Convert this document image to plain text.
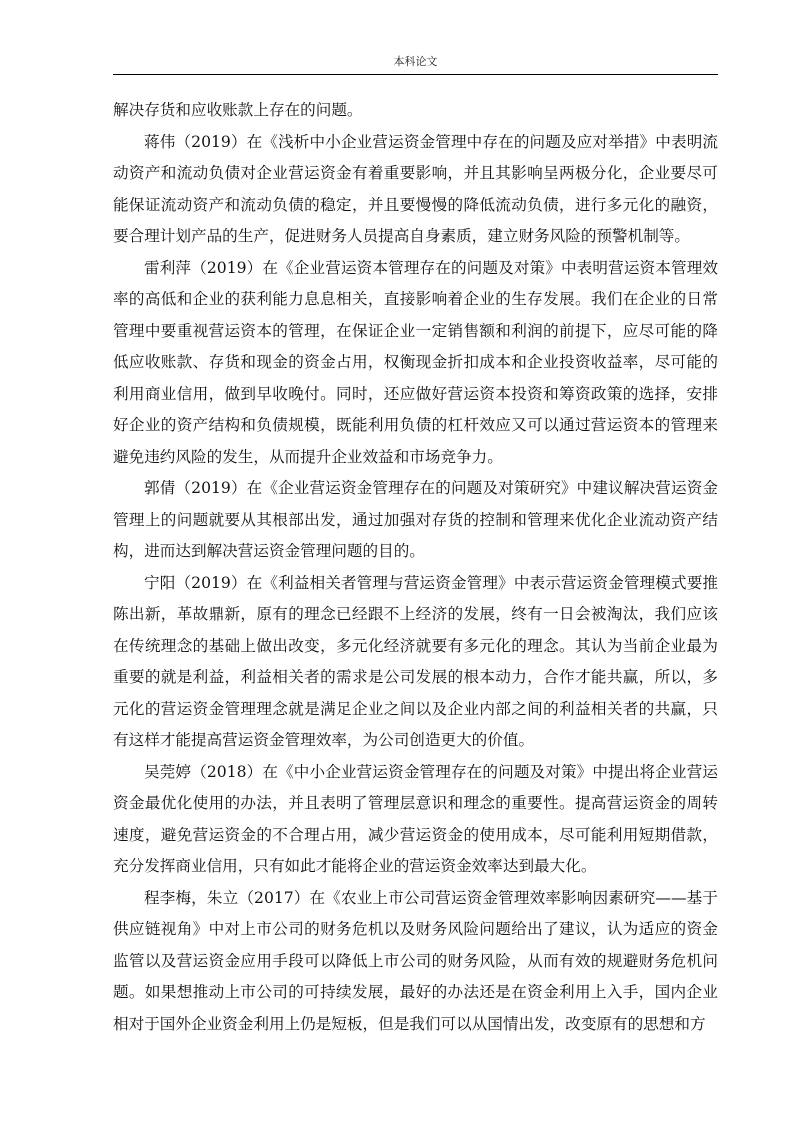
本科论文

解决存货和应收账款上存在的问题。

蒋伟（2019）在《浅析中小企业营运资金管理中存在的问题及应对举措》中表明流动资产和流动负债对企业营运资金有着重要影响，并且其影响呈两极分化，企业要尽可能保证流动资产和流动负债的稳定，并且要慢慢的降低流动负债，进行多元化的融资，要合理计划产品的生产，促进财务人员提高自身素质，建立财务风险的预警机制等。

雷利萍（2019）在《企业营运资本管理存在的问题及对策》中表明营运资本管理效率的高低和企业的获利能力息息相关，直接影响着企业的生存发展。我们在企业的日常管理中要重视营运资本的管理，在保证企业一定销售额和利润的前提下，应尽可能的降低应收账款、存货和现金的资金占用，权衡现金折扣成本和企业投资收益率，尽可能的利用商业信用，做到早收晚付。同时，还应做好营运资本投资和筹资政策的选择，安排好企业的资产结构和负债规模，既能利用负债的杠杆效应又可以通过营运资本的管理来避免违约风险的发生，从而提升企业效益和市场竞争力。

郭倩（2019）在《企业营运资金管理存在的问题及对策研究》中建议解决营运资金管理上的问题就要从其根部出发，通过加强对存货的控制和管理来优化企业流动资产结构，进而达到解决营运资金管理问题的目的。

宁阳（2019）在《利益相关者管理与营运资金管理》中表示营运资金管理模式要推陈出新，革故鼎新，原有的理念已经跟不上经济的发展，终有一日会被淘汰，我们应该在传统理念的基础上做出改变，多元化经济就要有多元化的理念。其认为当前企业最为重要的就是利益，利益相关者的需求是公司发展的根本动力，合作才能共赢，所以，多元化的营运资金管理理念就是满足企业之间以及企业内部之间的利益相关者的共赢，只有这样才能提高营运资金管理效率，为公司创造更大的价值。

吴莞婷（2018）在《中小企业营运资金管理存在的问题及对策》中提出将企业营运资金最优化使用的办法，并且表明了管理层意识和理念的重要性。提高营运资金的周转速度，避免营运资金的不合理占用，减少营运资金的使用成本，尽可能利用短期借款，充分发挥商业信用，只有如此才能将企业的营运资金效率达到最大化。

程李梅，朱立（2017）在《农业上市公司营运资金管理效率影响因素研究——基于供应链视角》中对上市公司的财务危机以及财务风险问题给出了建议，认为适应的资金监管以及营运资金应用手段可以降低上市公司的财务风险，从而有效的规避财务危机问题。如果想推动上市公司的可持续发展，最好的办法还是在资金利用上入手，国内企业相对于国外企业资金利用上仍是短板，但是我们可以从国情出发，改变原有的思想和方
